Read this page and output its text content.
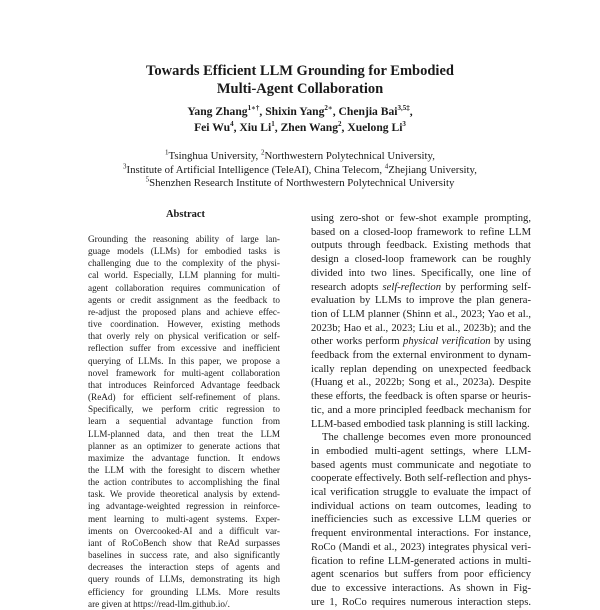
Towards Efficient LLM Grounding for Embodied
Multi-Agent Collaboration
Yang Zhang$^{1∗\dagger}$, Shixin Yang$^{2∗}$, Chenjia Bai$^{3,5\ddagger}$,
Fei Wu$^4$, Xiu Li$^1$, Zhen Wang$^2$, Xuelong Li$^3$
$^1$Tsinghua University, $^2$Northwestern Polytechnical University,
$^3$Institute of Artificial Intelligence (TeleAI), China Telecom, $^4$Zhejiang University,
$^5$Shenzhen Research Institute of Northwestern Polytechnical University
Abstract
Grounding the reasoning ability of large lan-
guage models (LLMs) for embodied tasks is
challenging due to the complexity of the physi-
cal world. Especially, LLM planning for multi-
agent collaboration requires communication of
agents or credit assignment as the feedback to
re-adjust the proposed plans and achieve effec-
tive coordination. However, existing methods
that overly rely on physical verification or self-
reflection suffer from excessive and inefficient
querying of LLMs. In this paper, we propose a
novel framework for multi-agent collaboration
that introduces Reinforced Advantage feedback
(ReAd) for efficient self-refinement of plans.
Specifically, we perform critic regression to
learn a sequential advantage function from
LLM-planned data, and then treat the LLM
planner as an optimizer to generate actions that
maximize the advantage function. It endows
the LLM with the foresight to discern whether
the action contributes to accomplishing the final
task. We provide theoretical analysis by extend-
ing advantage-weighted regression in reinforce-
ment learning to multi-agent systems. Exper-
iments on Overcooked-AI and a difficult var-
iant of RoCoBench show that ReAd surpasses
baselines in success rate, and also significantly
decreases the interaction steps of agents and
query rounds of LLMs, demonstrating its high
efficiency for grounding LLMs. More results
are given at https://read-llm.github.io/.
using zero-shot or few-shot example prompting,
based on a closed-loop framework to refine LLM
outputs through feedback. Existing methods that
design a closed-loop framework can be roughly
divided into two lines. Specifically, one line of
research adopts self-reflection by performing self-
evaluation by LLMs to improve the plan genera-
tion of LLM planner (Shinn et al., 2023; Yao et al.,
2023b; Hao et al., 2023; Liu et al., 2023b); and the
other works perform physical verification by using
feedback from the external environment to dynam-
ically replan depending on unexpected feedback
(Huang et al., 2022b; Song et al., 2023a). Despite
these efforts, the feedback is often sparse or heuris-
tic, and a more principled feedback mechanism for
LLM-based embodied task planning is still lacking.
The challenge becomes even more pronounced
in embodied multi-agent settings, where LLM-
based agents must communicate and negotiate to
cooperate effectively. Both self-reflection and phys-
ical verification struggle to evaluate the impact of
individual actions on team outcomes, leading to
inefficiencies such as excessive LLM queries or
frequent environmental interactions. For instance,
RoCo (Mandi et al., 2023) integrates physical veri-
fication to refine LLM-generated actions in multi-
agent scenarios but suffers from poor efficiency
due to excessive interactions. As shown in Fig-
ure 1, RoCo requires numerous interaction steps.
